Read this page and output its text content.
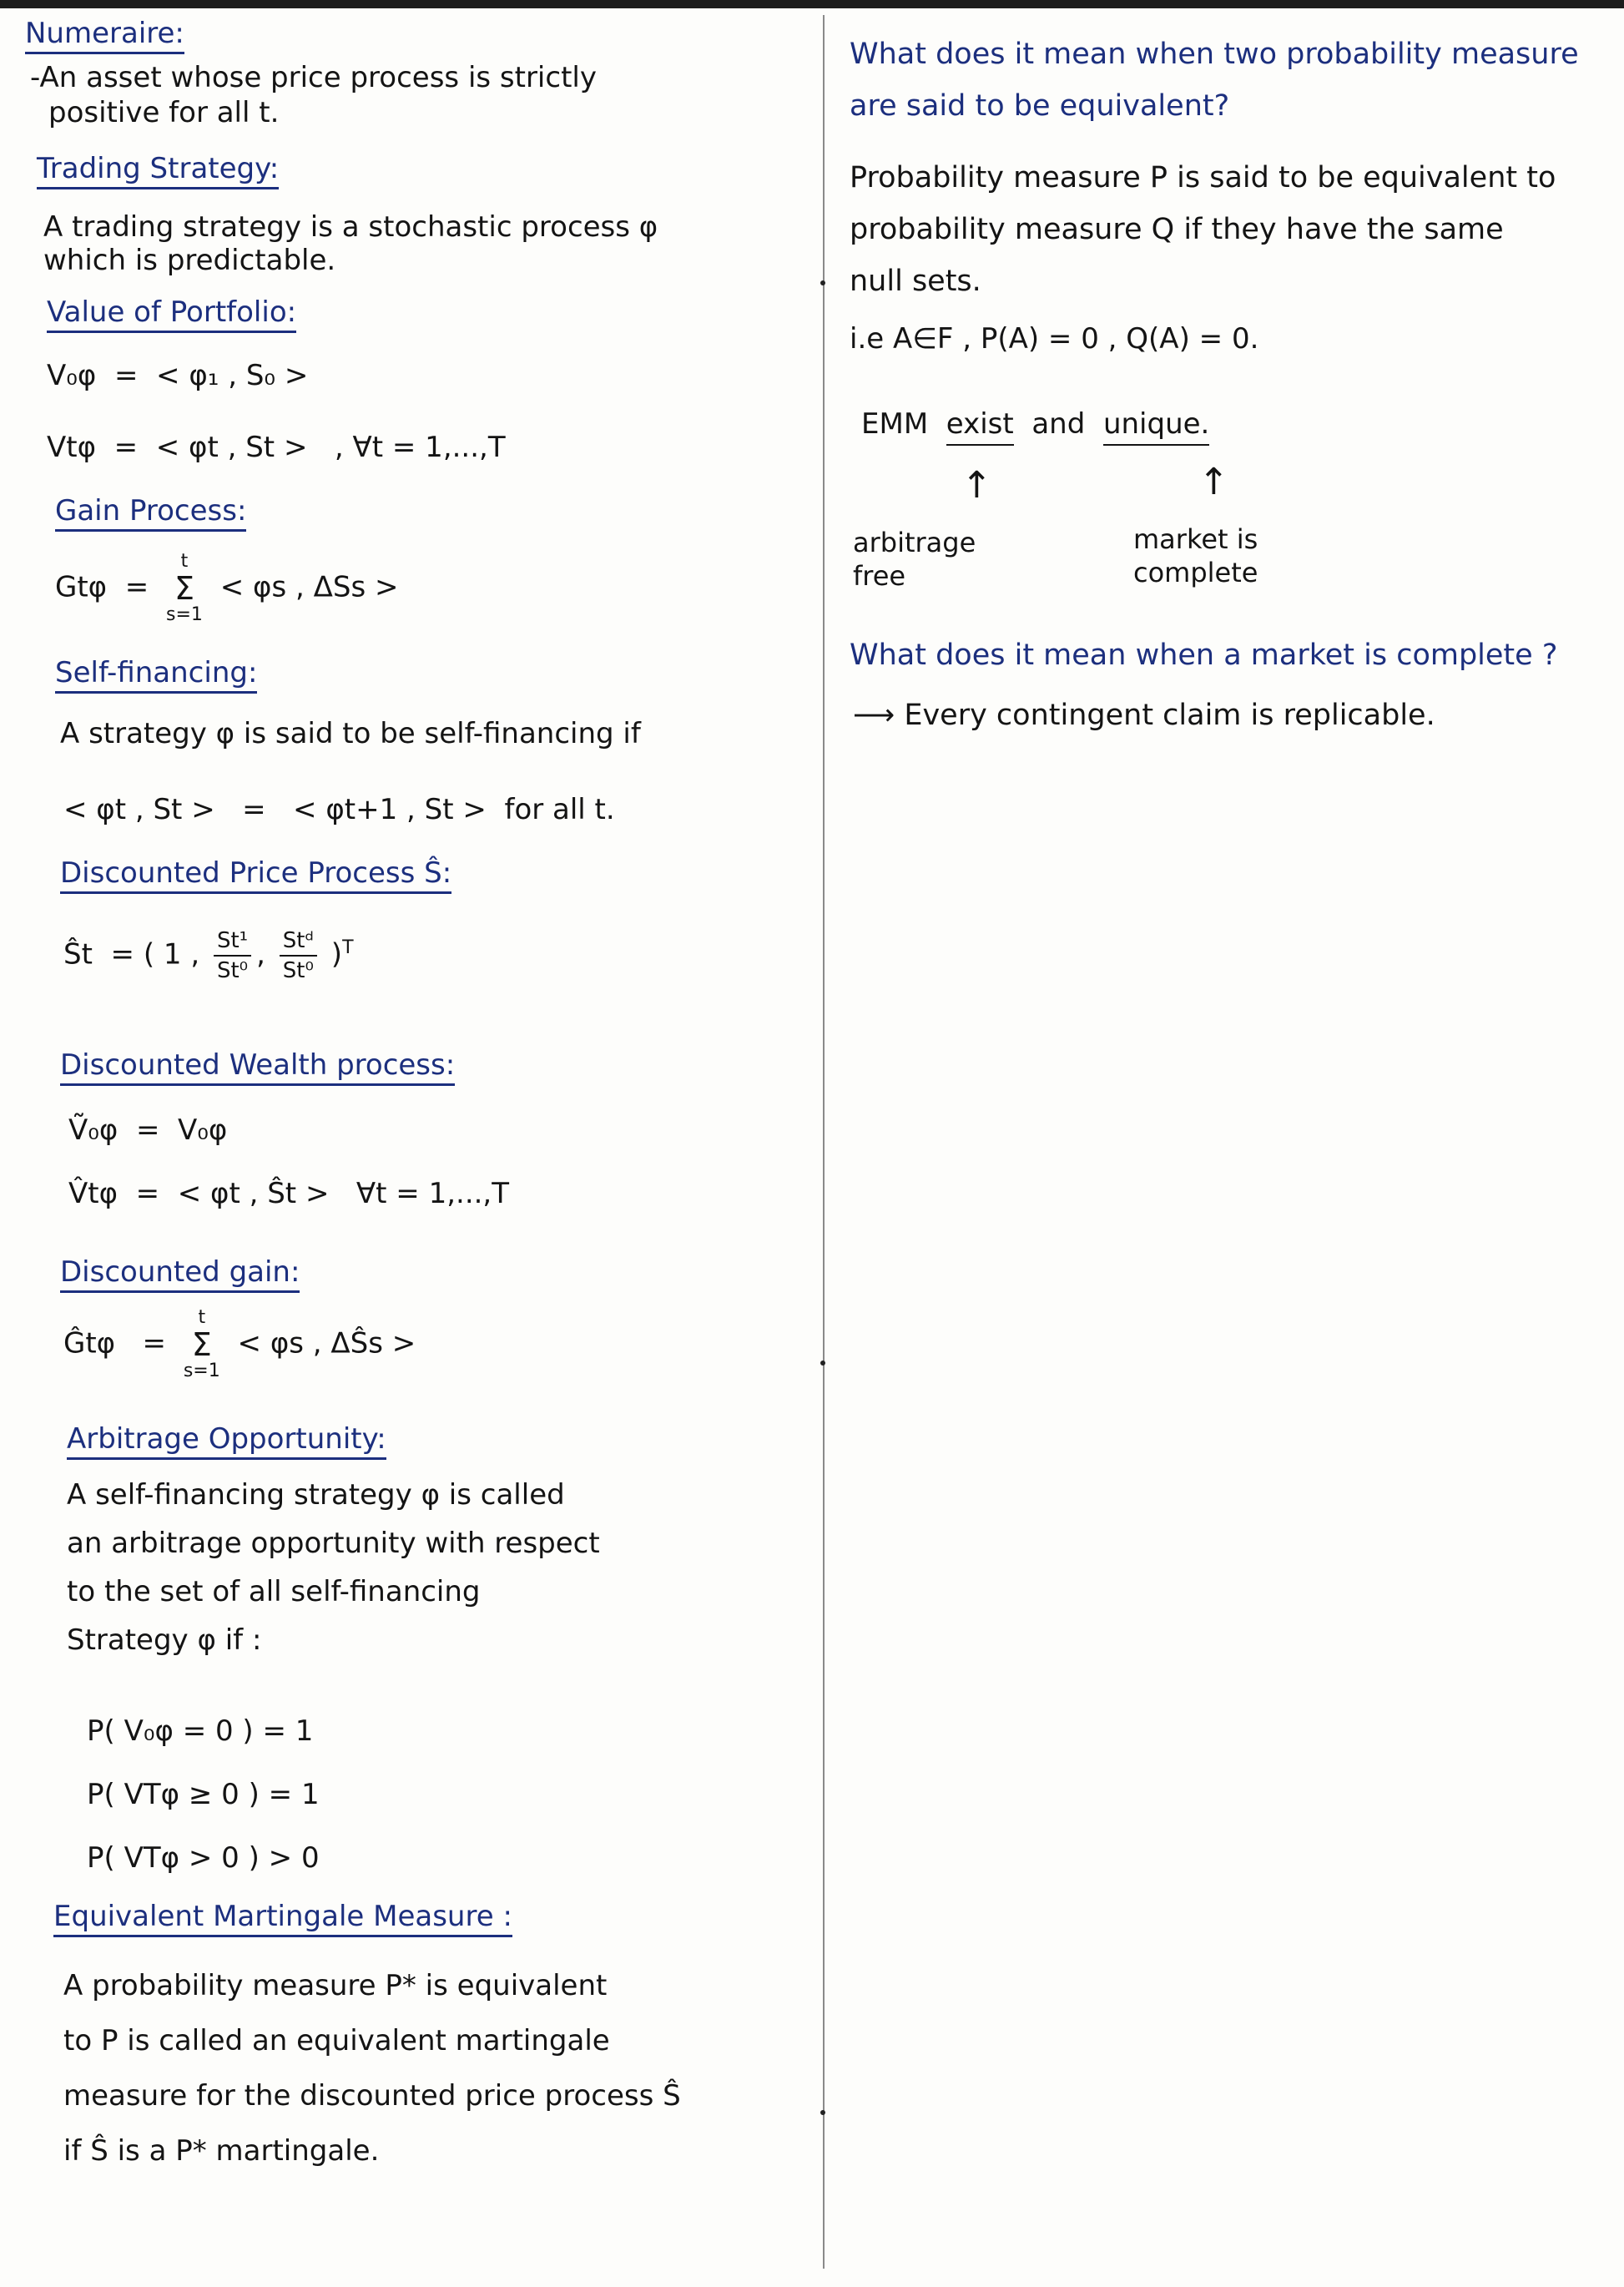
Numeraire:
-An asset whose price process is strictly
positive for all t.
Trading Strategy:
A trading strategy is a stochastic process φ
which is predictable.
Value of Portfolio:
V₀φ  =  < φ₁ , S₀ >
Vtφ  =  < φt , St > , ∀t = 1,...,T
Gain Process:
Gtφ  =
t
Σ
s=1
< φs , ΔSs >
Self-financing:
A strategy φ is said to be self-financing if
< φt , St >   =   < φt+1 , St > for all t.
Discounted Price Process Ŝ:
Ŝt  = ( 1 , $\frac{\text{St¹}}{\text{St⁰}}$ , $\frac{\text{Stᵈ}}{\text{St⁰}} )^T$
Discounted Wealth process:
Ṽ₀φ  =  V₀φ
V̂tφ  =  < φt , Ŝt > ∀t = 1,...,T
Discounted gain:
Ĝtφ   =
t
Σ
s=1
< φs , ΔŜs >
Arbitrage Opportunity:
A self-financing strategy φ is called
an arbitrage opportunity with respect
to the set of all self-financing
Strategy φ if :
P( V₀φ = 0 ) = 1
P( VTφ ≥ 0 ) = 1
P( VTφ > 0 ) > 0
Equivalent Martingale Measure :
A probability measure P* is equivalent
to P is called an equivalent martingale
measure for the discounted price process Ŝ
if Ŝ is a P* martingale.
What does it mean when two probability measure
are said to be equivalent?
Probability measure P is said to be equivalent to
probability measure Q if they have the same
null sets.
i.e A∈F , P(A) = 0 , Q(A) = 0.
EMM exist and unique.
↑	↑
arbitrage
free
market is
complete
What does it mean when a market is complete ?
⟶ Every contingent claim is replicable.
